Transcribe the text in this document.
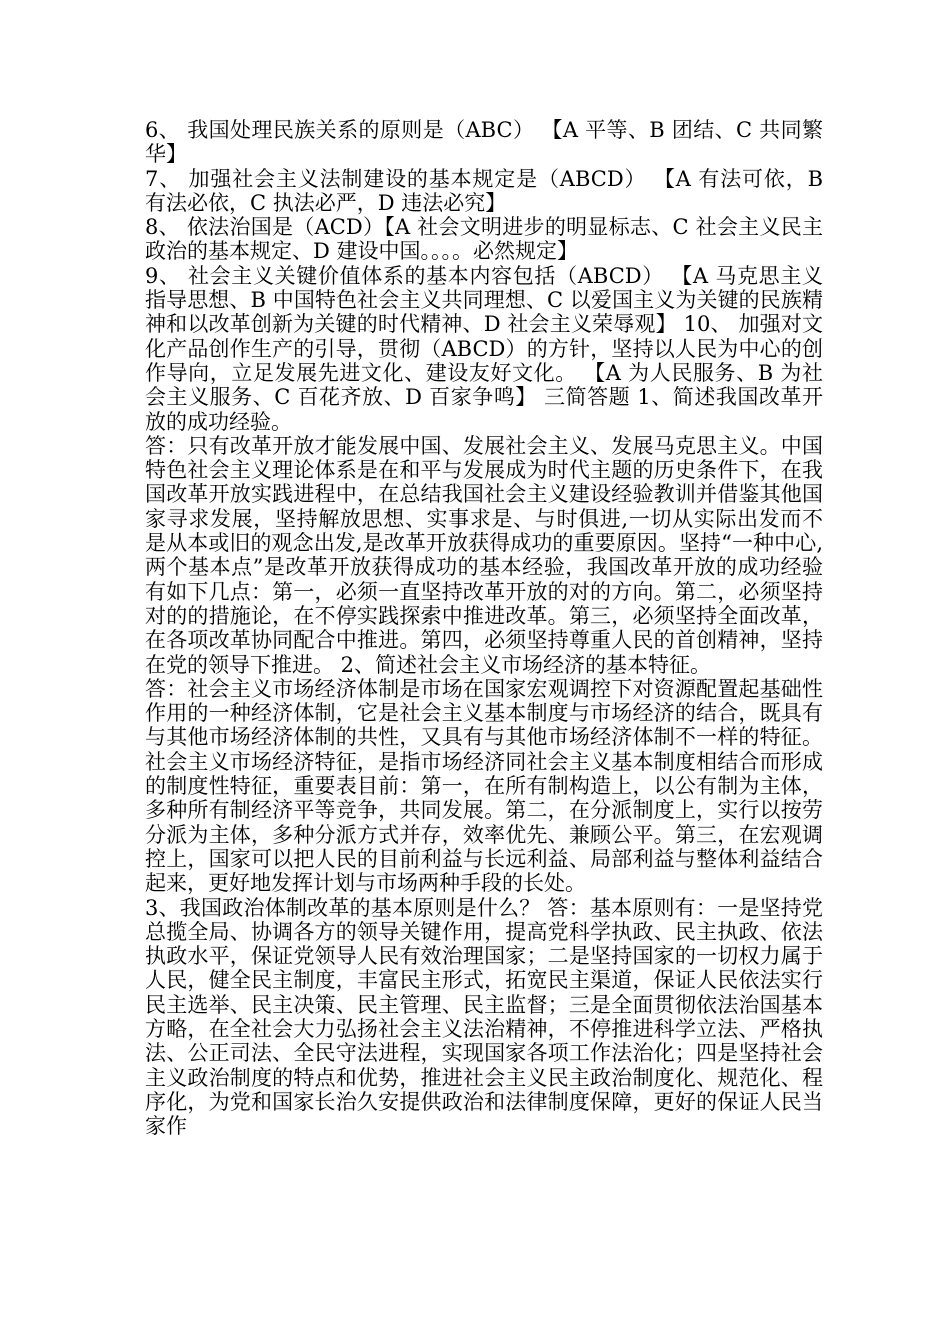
6、 我国处理民族关系的原则是（ABC） 【A 平等、B 团结、C 共同繁华】

7、 加强社会主义法制建设的基本规定是（ABCD） 【A 有法可依，B 有法必依，C 执法必严，D 违法必究】

8、 依法治国是（ACD）【A 社会文明进步的明显标志、C 社会主义民主政治的基本规定、D 建设中国。。。。必然规定】

9、 社会主义关键价值体系的基本内容包括（ABCD） 【A 马克思主义指导思想、B 中国特色社会主义共同理想、C 以爱国主义为关键的民族精神和以改革创新为关键的时代精神、D 社会主义荣辱观】 10、 加强对文化产品创作生产的引导，贯彻（ABCD）的方针，坚持以人民为中心的创 作导向，立足发展先进文化、建设友好文化。 【A 为人民服务、B 为社会主义服务、C 百花齐放、D 百家争鸣】 三简答题 1、简述我国改革开放的成功经验。

答：只有改革开放才能发展中国、发展社会主义、发展马克思主义。中国特色社会主义理论体系是在和平与发展成为时代主题的历史条件下，在我国改革开放实践进程中，在总结我国社会主义建设经验教训并借鉴其他国家寻求发展，坚持解放思想、实事求是、与时俱进,一切从实际出发而不是从本或旧的观念出发,是改革开放获得成功的重要原因。坚持“一种中心,两个基本点”是改革开放获得成功的基本经验，我国改革开放的成功经验有如下几点：第一，必须一直坚持改革开放的对的方向。第二，必须坚持对的的措施论，在不停实践探索中推进改革。第三，必须坚持全面改革，在各项改革协同配合中推进。第四，必须坚持尊重人民的首创精神，坚持在党的领导下推进。 2、简述社会主义市场经济的基本特征。

答：社会主义市场经济体制是市场在国家宏观调控下对资源配置起基础性作用的一种经济体制，它是社会主义基本制度与市场经济的结合，既具有与其他市场经济体制的共性，又具有与其他市场经济体制不一样的特征。社会主义市场经济特征，是指市场经济同社会主义基本制度相结合而形成的制度性特征，重要表目前：第一，在所有制构造上，以公有制为主体，多种所有制经济平等竞争，共同发展。第二，在分派制度上，实行以按劳分派为主体，多种分派方式并存，效率优先、兼顾公平。第三，在宏观调控上，国家可以把人民的目前利益与长远利益、局部利益与整体利益结合起来，更好地发挥计划与市场两种手段的长处。

3、我国政治体制改革的基本原则是什么？ 答：基本原则有：一是坚持党总揽全局、协调各方的领导关键作用，提高党科学执政、民主执政、依法执政水平，保证党领导人民有效治理国家；二是坚持国家的一切权力属于人民，健全民主制度，丰富民主形式，拓宽民主渠道，保证人民依法实行民主选举、民主决策、民主管理、民主监督；三是全面贯彻依法治国基本方略，在全社会大力弘扬社会主义法治精神，不停推进科学立法、严格执法、公正司法、全民守法进程，实现国家各项工作法治化；四是坚持社会主义政治制度的特点和优势，推进社会主义民主政治制度化、规范化、程序化，为党和国家长治久安提供政治和法律制度保障，更好的保证人民当家作
